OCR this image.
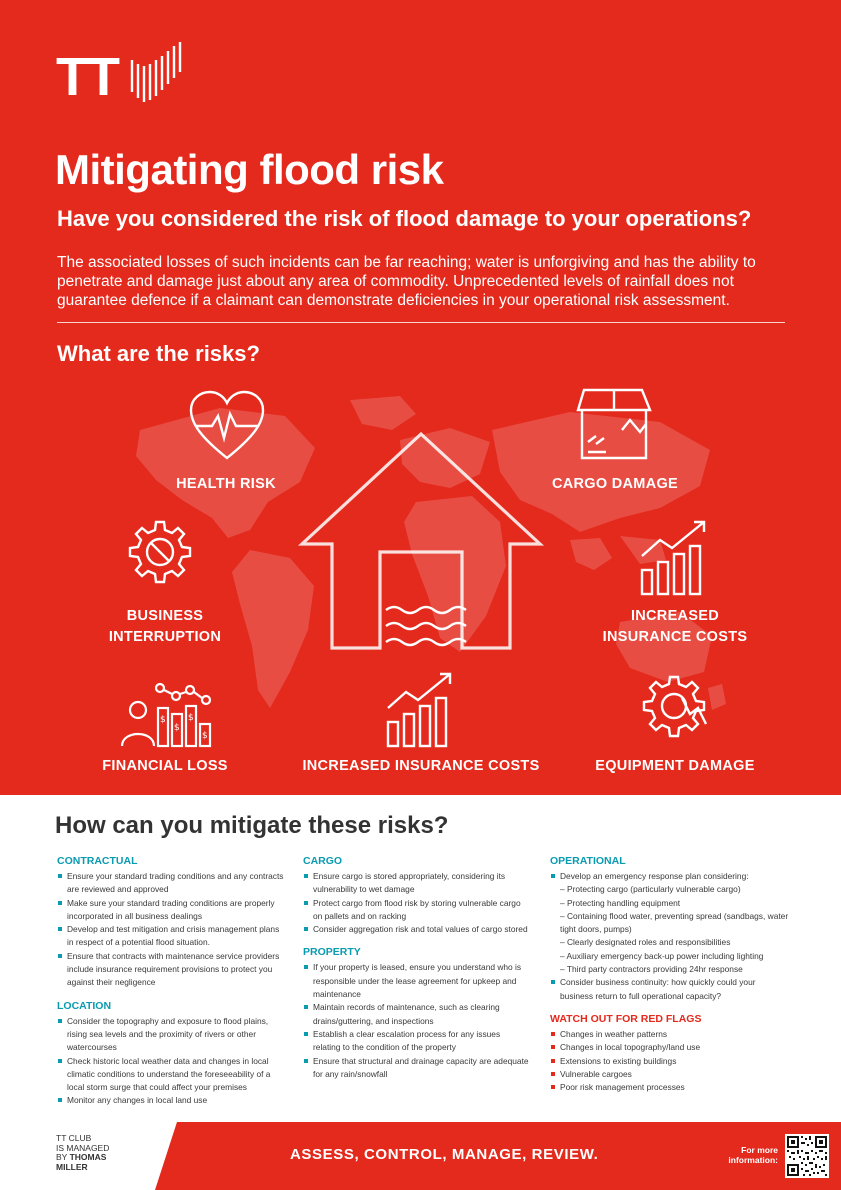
TT
Mitigating flood risk
Have you considered the risk of flood damage to your operations?

The associated losses of such incidents can be far reaching; water is unforgiving and has the ability to penetrate and damage just about any area of commodity. Unprecedented levels of rainfall does not guarantee defence if a claimant can demonstrate deficiencies in your operational risk assessment.

What are the risks?
HEALTH RISK	CARGO DAMAGE
BUSINESS INTERRUPTION
INCREASED INSURANCE COSTS
$
$
$
$
FINANCIAL LOSS	INCREASED INSURANCE COSTS	EQUIPMENT DAMAGE
How can you mitigate these risks?
CONTRACTUAL
Ensure your standard trading conditions and any contracts are reviewed and approved
Make sure your standard trading conditions are properly incorporated in all business dealings
Develop and test mitigation and crisis management plans in respect of a potential flood situation.
Ensure that contracts with maintenance service providers include insurance requirement provisions to protect you against their negligence
LOCATION
Consider the topography and exposure to flood plains, rising sea levels and the proximity of rivers or other watercourses
Check historic local weather data and changes in local climatic conditions to understand the foreseeability of a local storm surge that could affect your premises
Monitor any changes in local land use
CARGO
Ensure cargo is stored appropriately, considering its vulnerability to wet damage
Protect cargo from flood risk by storing vulnerable cargo on pallets and on racking
Consider aggregation risk and total values of cargo stored
PROPERTY
If your property is leased, ensure you understand who is responsible under the lease agreement for upkeep and maintenance
Maintain records of maintenance, such as clearing drains/guttering, and inspections
Establish a clear escalation process for any issues relating to the condition of the property
Ensure that structural and drainage capacity are adequate for any rain/snowfall
OPERATIONAL
Develop an emergency response plan considering:
– Protecting cargo (particularly vulnerable cargo)
– Protecting handling equipment
– Containing flood water, preventing spread (sandbags, water tight doors, pumps)
– Clearly designated roles and responsibilities
– Auxiliary emergency back-up power including lighting
– Third party contractors providing 24hr response
Consider business continuity: how quickly could your business return to full operational capacity?
WATCH OUT FOR RED FLAGS
Changes in weather patterns
Changes in local topography/land use
Extensions to existing buildings
Vulnerable cargoes
Poor risk management processes
TT CLUB
IS MANAGED
BY THOMAS
MILLER
ASSESS, CONTROL, MANAGE, REVIEW.	For more information:
